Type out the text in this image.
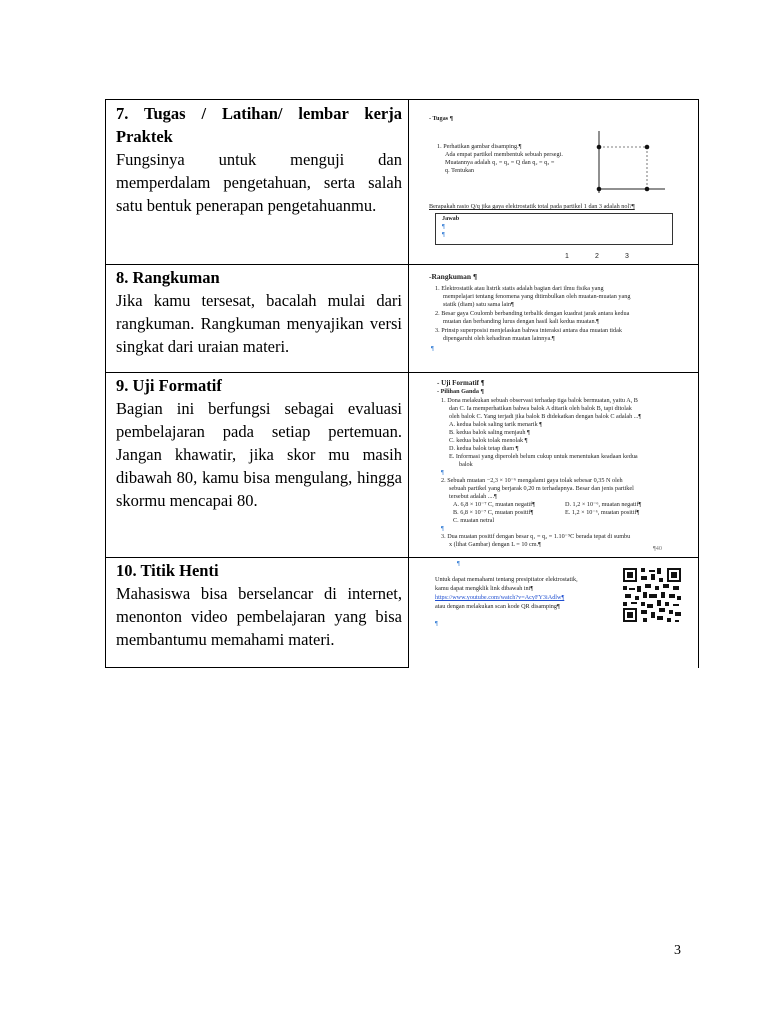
7. Tugas / Latihan/ lembar kerja Praktek
Fungsinya untuk menguji dan memperdalam pengetahuan, serta salah satu bentuk penerapan pengetahuanmu.
- Tugas ¶
1. Perhatikan gambar disamping.¶
Ada empat partikel membentuk sebuah persegi.
Muatannya adalah q₁ = q₄ = Q dan q₂ = q₃ =
q. Tentukan
Berapakah rasio Q/q jika gaya elektrostatik total pada partikel 1 dan 3 adalah nol?¶
Jawab
¶
¶
1	2	3
8. Rangkuman
Jika kamu tersesat, bacalah mulai dari rangkuman. Rangkuman menyajikan versi singkat dari uraian materi.
-Rangkuman ¶
1. Elektrostatik atau listrik statis adalah bagian dari ilmu fisika yang
mempelajari tentang fenomena yang ditimbulkan oleh muatan-muatan yang
statik (diam) satu sama lain¶
2. Besar gaya Coulomb berbanding terbalik dengan kuadrat jarak antara kedua
muatan dan berbanding lurus dengan hasil kali kedua muatan.¶
3. Prinsip superposisi menjelaskan bahwa interaksi antara dua muatan tidak
dipengaruhi oleh kehadiran muatan lainnya.¶
¶
9. Uji Formatif
Bagian ini berfungsi sebagai evaluasi pembelajaran pada setiap pertemuan. Jangan khawatir, jika skor mu masih dibawah 80, kamu bisa mengulang, hingga skormu mencapai 80.
- Uji Formatif ¶
- Pilihan Ganda ¶
1. Dona melakukan sebuah observasi terhadap tiga balok bermuatan, yaitu A, B
dan C. Ia memperhatikan bahwa balok A ditarik oleh balok B, tapi ditolak
oleh balok C. Yang terjadi jika balok B didekatkan dengan balok C adalah ...¶
A. kedua balok saling tarik menarik ¶
B. kedua balok saling menjauh ¶
C. kedua balok tolak menolak ¶
D. kedua balok tetap diam ¶
E. Informasi yang diperoleh belum cukup untuk menentukan keadaan kedua
balok
¶
2. Sebuah muatan −2,3 × 10⁻⁶ mengalami gaya tolak sebesar 0,35 N oleh
sebuah partikel yang berjarak 0,20 m terhadapnya. Besar dan jenis partikel
tersebut adalah ....¶
A. 6,8 × 10⁻⁷ C, muatan negatif¶	D. 1,2 × 10⁻⁶, muatan negatif¶
B. 6,8 × 10⁻⁷ C, muatan positif¶	E. 1,2 × 10⁻⁶, muatan positif¶
C. muatan netral
¶
3. Dua muatan positif dengan besar q₁ = q₂ = 1.10⁻⁹C berada tepat di sumbu
x (lihat Gambar) dengan L = 10 cm.¶
¶40
10. Titik Henti
Mahasiswa bisa berselancar di internet, menonton video pembelajaran yang bisa membantumu memahami materi.
¶
Untuk dapat memahami tentang presipitator elektrostatik,
kamu dapat mengklik link dibawah ini¶
https://www.youtube.com/watch?v=AcyFY3iAdlw¶
atau dengan melakukan scan kode QR disamping¶
¶
3
